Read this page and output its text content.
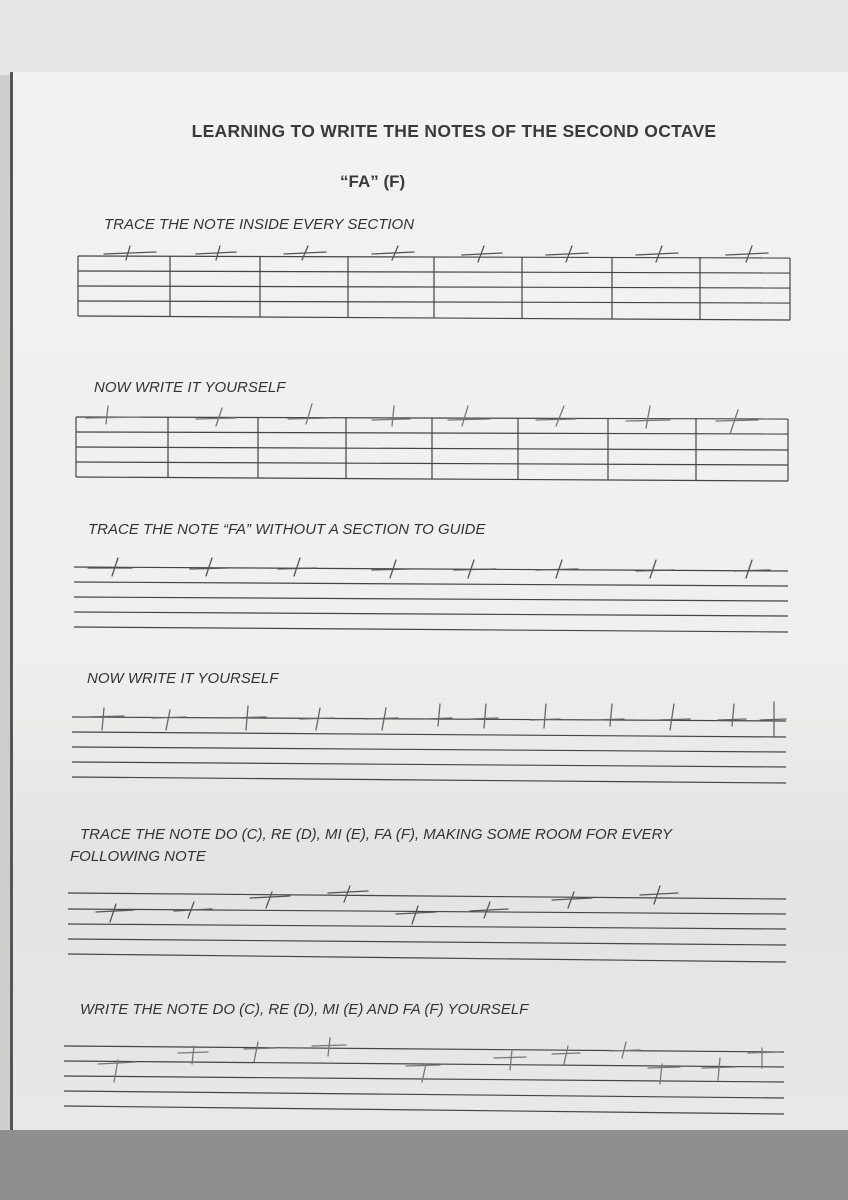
LEARNING TO WRITE THE NOTES OF THE SECOND OCTAVE
“FA” (F)
TRACE THE NOTE INSIDE EVERY SECTION
NOW WRITE IT YOURSELF
TRACE THE NOTE “FA” WITHOUT A SECTION TO GUIDE
NOW WRITE IT YOURSELF
TRACE THE NOTE DO (C), RE (D), MI (E), FA (F), MAKING SOME ROOM FOR EVERY
FOLLOWING NOTE
WRITE THE NOTE DO (C), RE (D), MI (E) AND FA (F) YOURSELF
